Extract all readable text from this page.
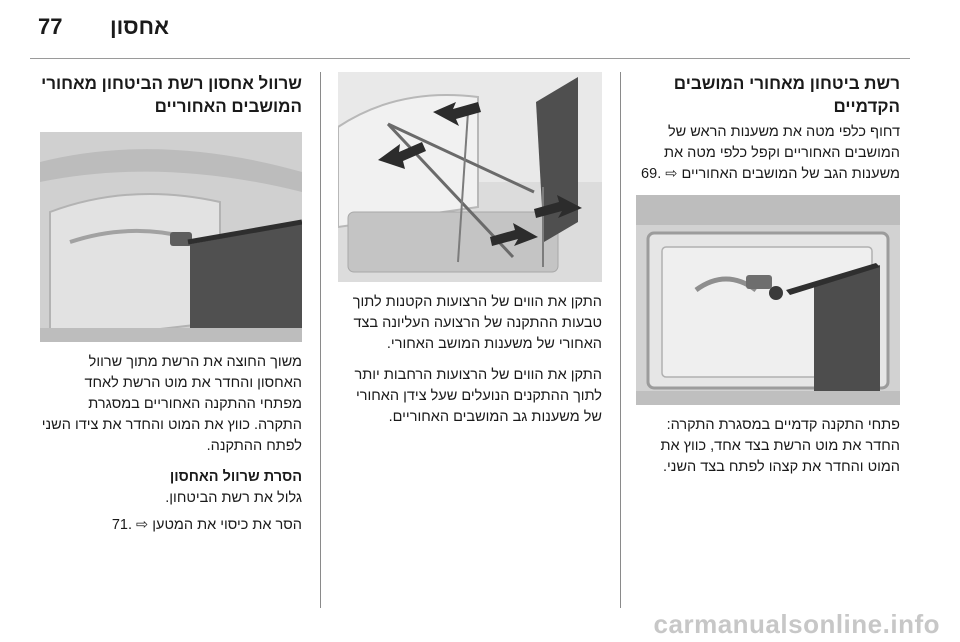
77 אחסון
רשת ביטחון מאחורי המושבים הקדמיים

דחוף כלפי מטה את משענות הראש של המושבים האחוריים וקפל כלפי מטה את משענות הגב של המושבים האחוריים ⇨ .69

פתחי התקנה קדמיים במסגרת התקרה: החדר את מוט הרשת בצד אחד, כווץ את המוט והחדר את קצהו לפתח בצד השני.

התקן את הווים של הרצועות הקטנות לתוך טבעות ההתקנה של הרצועה העליונה בצד האחורי של משענות המושב האחורי.

התקן את הווים של הרצועות הרחבות יותר לתוך ההתקנים הנועלים שעל צידן האחורי של משענות גב המושבים האחוריים.

שרוול אחסון רשת הביטחון מאחורי המושבים האחוריים

משוך החוצה את הרשת מתוך שרוול האחסון והחדר את מוט הרשת לאחד מפתחי ההתקנה האחוריים במסגרת התקרה. כווץ את המוט והחדר את צידו השני לפתח ההתקנה.

הסרת שרוול האחסון

גלול את רשת הביטחון.

הסר את כיסוי את המטען ⇨ .71

carmanualsonline.info
